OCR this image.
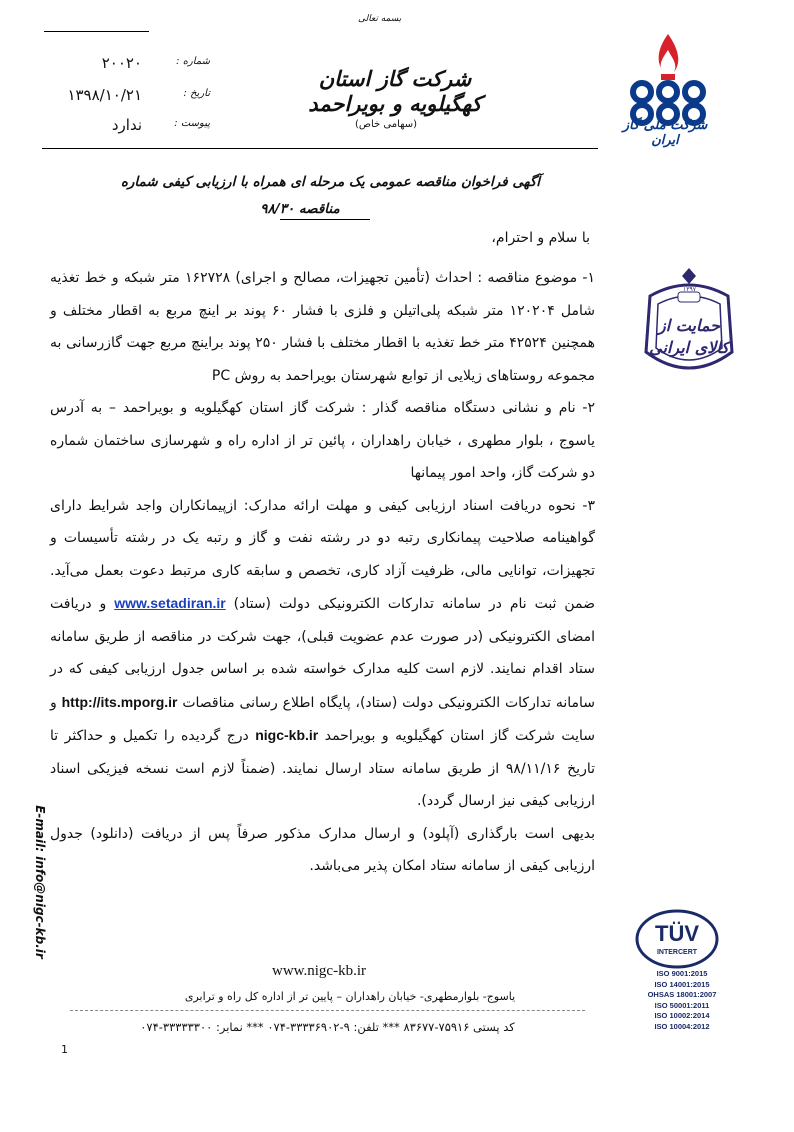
بسمه تعالی
شماره :
۲۰۰۲۰
تاریخ :
۱۳۹۸/۱۰/۲۱
پیوست :
ندارد
شرکت گاز استان کهگیلویه و بویراحمد
(سهامی خاص)	شرکت ملی گاز ایران
۱۳۹۷
حمایت از
کالای ایرانی
آگهی فراخوان مناقصه عمومی یک مرحله ای همراه با ارزیابی کیفی شماره
مناقصه ۹۸/۳۰
با سلام و احترام،

۱- موضوع مناقصه : احداث (تأمین تجهیزات، مصالح و اجرای) ۱۶۲۷۲۸ متر شبکه و خط تغذیه شامل ۱۲۰۲۰۴ متر شبکه پلی‌اتیلن و فلزی با فشار ۶۰ پوند بر اینچ مربع به اقطار مختلف و همچنین ۴۲۵۲۴ متر خط تغذیه با اقطار مختلف با فشار ۲۵۰ پوند براینچ مربع جهت گازرسانی به مجموعه روستاهای زیلایی از توابع شهرستان بویراحمد به روش PC

۲- نام و نشانی دستگاه مناقصه گذار : شرکت گاز استان کهگیلویه و بویراحمد – به آدرس یاسوج ، بلوار مطهری ، خیابان راهداران ، پائین تر از اداره راه و شهرسازی ساختمان شماره دو شرکت گاز، واحد امور پیمانها

۳- نحوه دریافت اسناد ارزیابی کیفی و مهلت ارائه مدارک: ازپیمانکاران واجد شرایط دارای گواهینامه صلاحیت پیمانکاری رتبه دو در رشته نفت و گاز و رتبه یک در رشته تأسیسات و تجهیزات، توانایی مالی، ظرفیت آزاد کاری، تخصص و سابقه کاری مرتبط دعوت بعمل می‌آید. ضمن ثبت نام در سامانه تدارکات الکترونیکی دولت (ستاد) www.setadiran.ir و دریافت امضای الکترونیکی (در صورت عدم عضویت قبلی)، جهت شرکت در مناقصه از طریق سامانه ستاد اقدام نمایند. لازم است کلیه مدارک خواسته شده بر اساس جدول ارزیابی کیفی که در سامانه تدارکات الکترونیکی دولت (ستاد)، پایگاه اطلاع رسانی مناقصات http://its.mporg.ir و سایت شرکت گاز استان کهگیلویه و بویراحمد nigc-kb.ir درج گردیده را تکمیل و حداکثر تا تاریخ ۹۸/۱۱/۱۶ از طریق سامانه ستاد ارسال نمایند. (ضمناً لازم است نسخه فیزیکی اسناد ارزیابی کیفی نیز ارسال گردد).

بدیهی است بارگذاری (آپلود) و ارسال مدارک مذکور صرفاً پس از دریافت (دانلود) جدول ارزیابی کیفی از سامانه ستاد امکان پذیر می‌باشد.

E-mail: info@nigc-kb.ir
www.nigc-kb.ir
یاسوج- بلوارمطهری- خیابان راهداران – پایین تر از اداره کل راه و ترابری
کد پستی ۷۵۹۱۶-۸۳۶۷۷ *** تلفن: ۹-۳۳۳۳۶۹۰۲-۰۷۴ *** نمابر: ۳۳۳۳۳۳۰۰-۰۷۴
1
TÜV
INTERCERT
ISO 9001:2015
ISO 14001:2015
OHSAS 18001:2007
ISO 50001:2011
ISO 10002:2014
ISO 10004:2012
